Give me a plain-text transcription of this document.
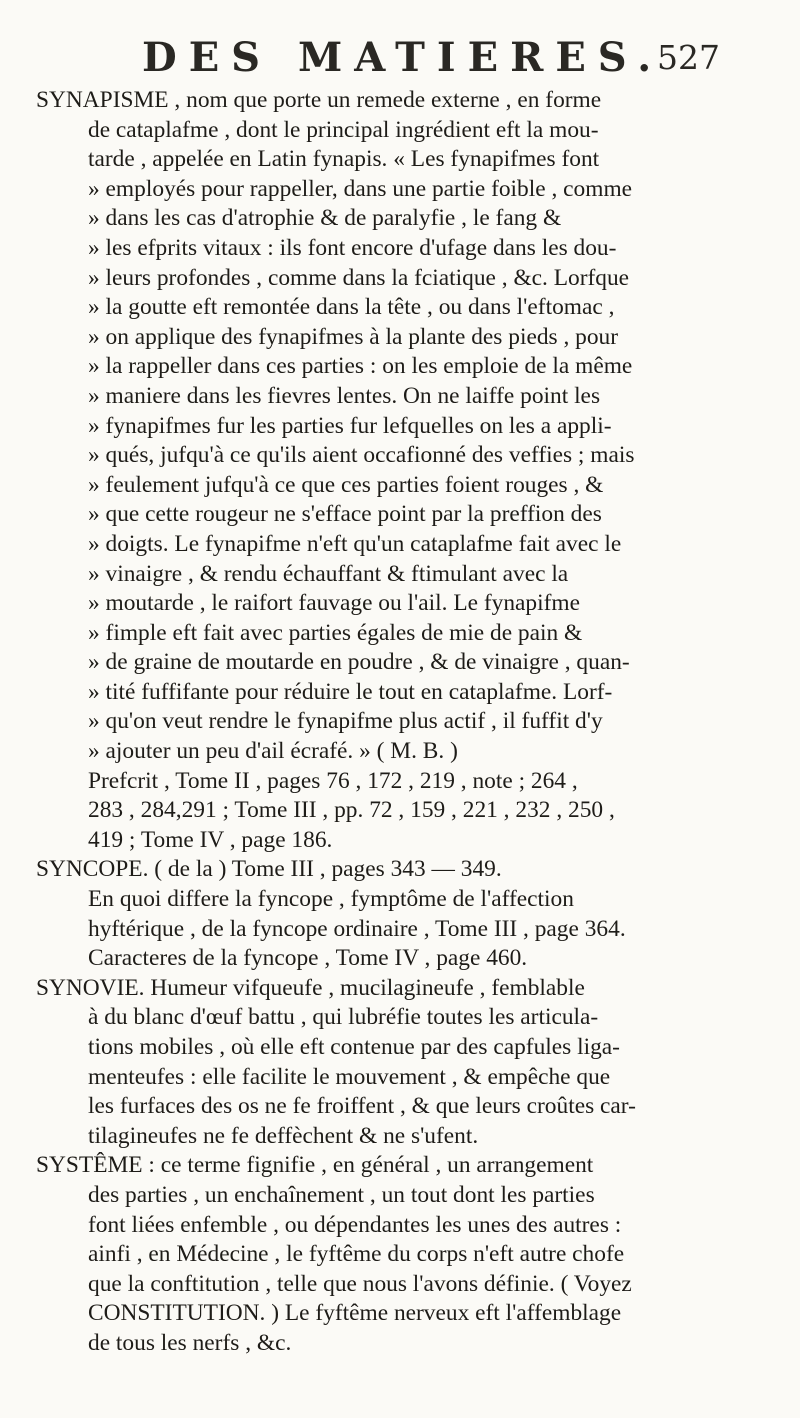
DES MATIERES.
527
SYNAPISME , nom que porte un remede externe , en forme
de cataplafme , dont le principal ingrédient eft la mou-
tarde , appelée en Latin fynapis. « Les fynapifmes font
» employés pour rappeller, dans une partie foible , comme
» dans les cas d'atrophie & de paralyfie , le fang &
» les efprits vitaux : ils font encore d'ufage dans les dou-
» leurs profondes , comme dans la fciatique , &c. Lorfque
» la goutte eft remontée dans la tête , ou dans l'eftomac ,
» on applique des fynapifmes à la plante des pieds , pour
» la rappeller dans ces parties : on les emploie de la même
» maniere dans les fievres lentes. On ne laiffe point les
» fynapifmes fur les parties fur lefquelles on les a appli-
» qués, jufqu'à ce qu'ils aient occafionné des veffies ; mais
» feulement jufqu'à ce que ces parties foient rouges , &
» que cette rougeur ne s'efface point par la preffion des
» doigts. Le fynapifme n'eft qu'un cataplafme fait avec le
» vinaigre , & rendu échauffant & ftimulant avec la
» moutarde , le raifort fauvage ou l'ail. Le fynapifme
» fimple eft fait avec parties égales de mie de pain &
» de graine de moutarde en poudre , & de vinaigre , quan-
» tité fuffifante pour réduire le tout en cataplafme. Lorf-
» qu'on veut rendre le fynapifme plus actif , il fuffit d'y
» ajouter un peu d'ail écrafé. » ( M. B. )
Prefcrit , Tome II , pages 76 , 172 , 219 , note ; 264 ,
283 , 284,291 ; Tome III , pp. 72 , 159 , 221 , 232 , 250 ,
419 ; Tome IV , page 186.
SYNCOPE. ( de la ) Tome III , pages 343 — 349.
En quoi differe la fyncope , fymptôme de l'affection
hyftérique , de la fyncope ordinaire , Tome III , page 364.
Caracteres de la fyncope , Tome IV , page 460.
SYNOVIE. Humeur vifqueufe , mucilagineufe , femblable
à du blanc d'œuf battu , qui lubréfie toutes les articula-
tions mobiles , où elle eft contenue par des capfules liga-
menteufes : elle facilite le mouvement , & empêche que
les furfaces des os ne fe froiffent , & que leurs croûtes car-
tilagineufes ne fe deffèchent & ne s'ufent.
SYSTÊME : ce terme fignifie , en général , un arrangement
des parties , un enchaînement , un tout dont les parties
font liées enfemble , ou dépendantes les unes des autres :
ainfi , en Médecine , le fyftême du corps n'eft autre chofe
que la conftitution , telle que nous l'avons définie. ( Voyez
CONSTITUTION. ) Le fyftême nerveux eft l'affemblage
de tous les nerfs , &c.
